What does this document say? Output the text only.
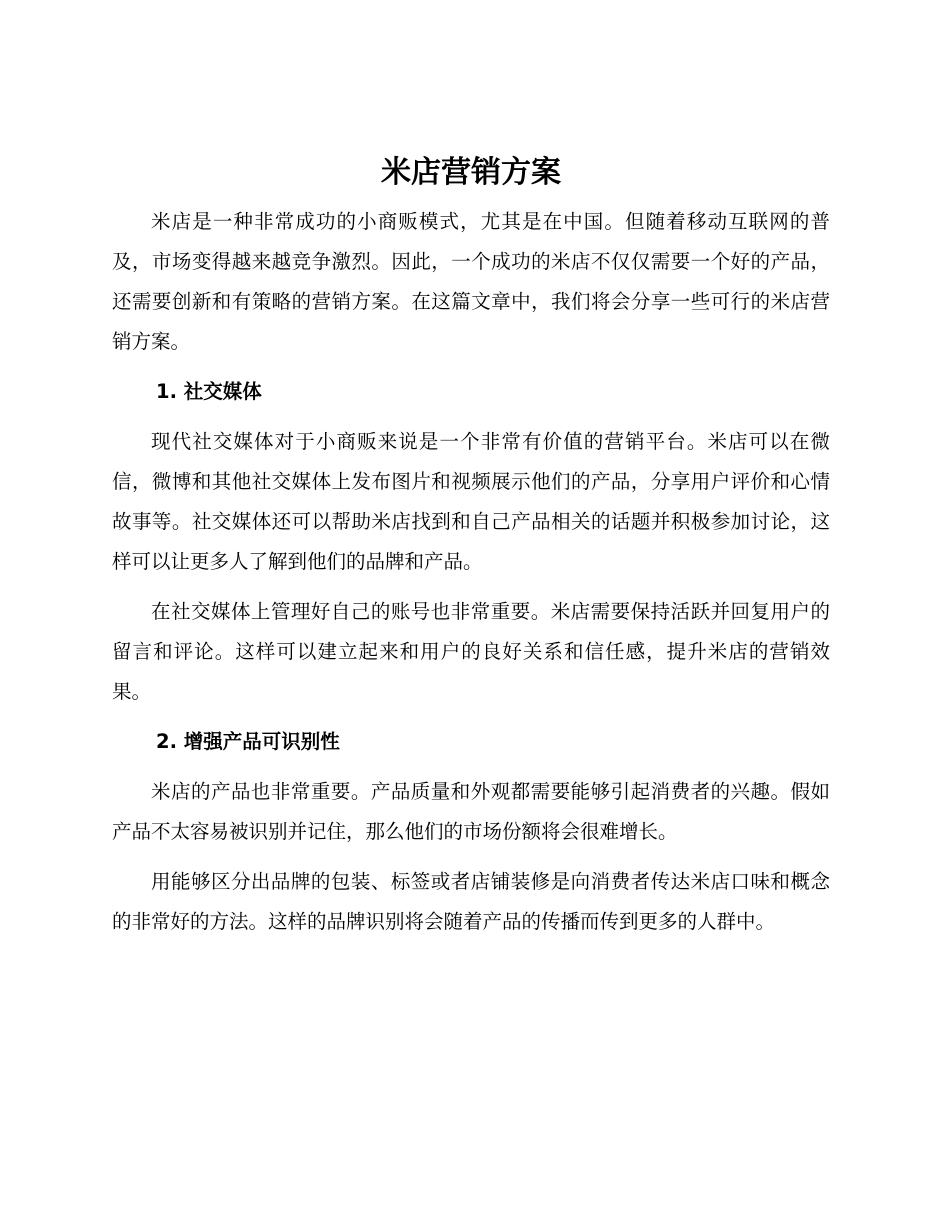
米店营销方案

米店是一种非常成功的小商贩模式，尤其是在中国。但随着移动互联网的普及，市场变得越来越竞争激烈。因此，一个成功的米店不仅仅需要一个好的产品，还需要创新和有策略的营销方案。在这篇文章中，我们将会分享一些可行的米店营销方案。

1. 社交媒体

现代社交媒体对于小商贩来说是一个非常有价值的营销平台。米店可以在微信，微博和其他社交媒体上发布图片和视频展示他们的产品，分享用户评价和心情故事等。社交媒体还可以帮助米店找到和自己产品相关的话题并积极参加讨论，这样可以让更多人了解到他们的品牌和产品。

在社交媒体上管理好自己的账号也非常重要。米店需要保持活跃并回复用户的留言和评论。这样可以建立起来和用户的良好关系和信任感，提升米店的营销效果。

2. 增强产品可识别性

米店的产品也非常重要。产品质量和外观都需要能够引起消费者的兴趣。假如产品不太容易被识别并记住，那么他们的市场份额将会很难增长。

用能够区分出品牌的包装、标签或者店铺装修是向消费者传达米店口味和概念的非常好的方法。这样的品牌识别将会随着产品的传播而传到更多的人群中。
